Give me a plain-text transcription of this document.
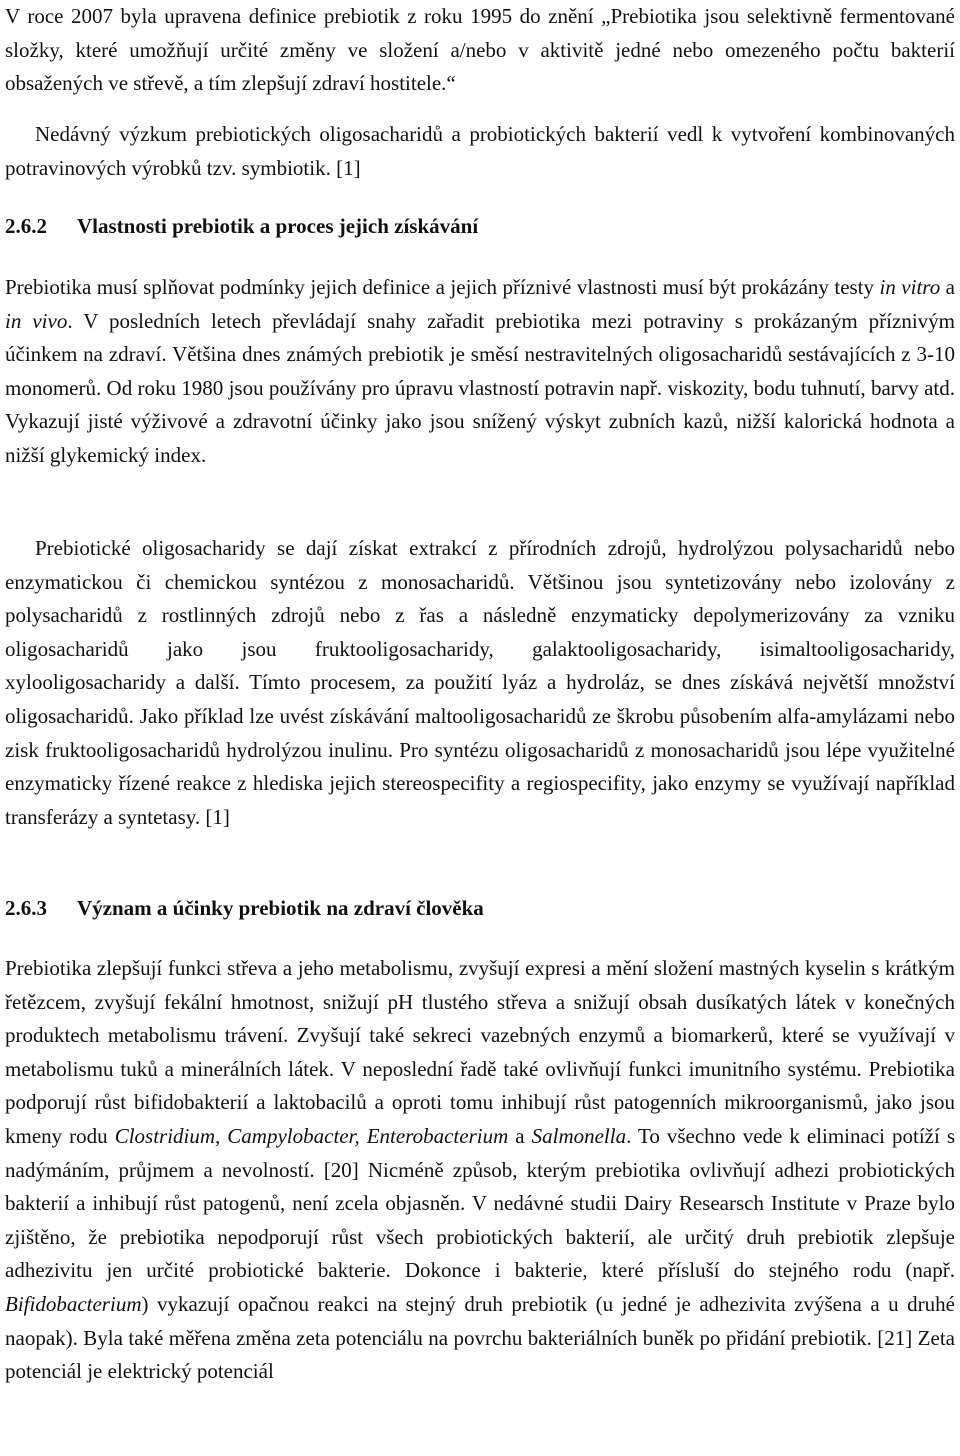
V roce 2007 byla upravena definice prebiotik z roku 1995 do znění „Prebiotika jsou selektivně fermentované složky, které umožňují určité změny ve složení a/nebo v aktivitě jedné nebo omezeného počtu bakterií obsažených ve střevě, a tím zlepšují zdraví hostitele.“

Nedávný výzkum prebiotických oligosacharidů a probiotických bakterií vedl k vytvoření kombinovaných potravinových výrobků tzv. symbiotik. [1]

2.6.2 Vlastnosti prebiotik a proces jejich získávání

Prebiotika musí splňovat podmínky jejich definice a jejich příznivé vlastnosti musí být prokázány testy in vitro a in vivo. V posledních letech převládají snahy zařadit prebiotika mezi potraviny s prokázaným příznivým účinkem na zdraví. Většina dnes známých prebiotik je směsí nestravitelných oligosacharidů sestávajících z 3-10 monomerů. Od roku 1980 jsou používány pro úpravu vlastností potravin např. viskozity, bodu tuhnutí, barvy atd. Vykazují jisté výživové a zdravotní účinky jako jsou snížený výskyt zubních kazů, nižší kalorická hodnota a nižší glykemický index.

Prebiotické oligosacharidy se dají získat extrakcí z přírodních zdrojů, hydrolýzou polysacharidů nebo enzymatickou či chemickou syntézou z monosacharidů. Většinou jsou syntetizovány nebo izolovány z polysacharidů z rostlinných zdrojů nebo z řas a následně enzymaticky depolymerizovány za vzniku oligosacharidů jako jsou fruktooligosacharidy, galaktooligosacharidy, isimaltooligosacharidy, xylooligosacharidy a další. Tímto procesem, za použití lyáz a hydroláz, se dnes získává největší množství oligosacharidů. Jako příklad lze uvést získávání maltooligosacharidů ze škrobu působením alfa-amylázami nebo zisk fruktooligosacharidů hydrolýzou inulinu. Pro syntézu oligosacharidů z monosacharidů jsou lépe využitelné enzymaticky řízené reakce z hlediska jejich stereospecifity a regiospecifity, jako enzymy se využívají například transferázy a syntetasy. [1]

2.6.3 Význam a účinky prebiotik na zdraví člověka

Prebiotika zlepšují funkci střeva a jeho metabolismu, zvyšují expresi a mění složení mastných kyselin s krátkým řetězcem, zvyšují fekální hmotnost, snižují pH tlustého střeva a snižují obsah dusíkatých látek v konečných produktech metabolismu trávení. Zvyšují také sekreci vazebných enzymů a biomarkerů, které se využívají v metabolismu tuků a minerálních látek. V neposlední řadě také ovlivňují funkci imunitního systému. Prebiotika podporují růst bifidobakterií a laktobacilů a oproti tomu inhibují růst patogenních mikroorganismů, jako jsou kmeny rodu Clostridium, Campylobacter, Enterobacterium a Salmonella. To všechno vede k eliminaci potíží s nadýmáním, průjmem a nevolností. [20] Nicméně způsob, kterým prebiotika ovlivňují adhezi probiotických bakterií a inhibují růst patogenů, není zcela objasněn. V nedávné studii Dairy Researsch Institute v Praze bylo zjištěno, že prebiotika nepodporují růst všech probiotických bakterií, ale určitý druh prebiotik zlepšuje adhezivitu jen určité probiotické bakterie. Dokonce i bakterie, které přísluší do stejného rodu (např. Bifidobacterium) vykazují opačnou reakci na stejný druh prebiotik (u jedné je adhezivita zvýšena a u druhé naopak). Byla také měřena změna zeta potenciálu na povrchu bakteriálních buněk po přidání prebiotik. [21] Zeta potenciál je elektrický potenciál
